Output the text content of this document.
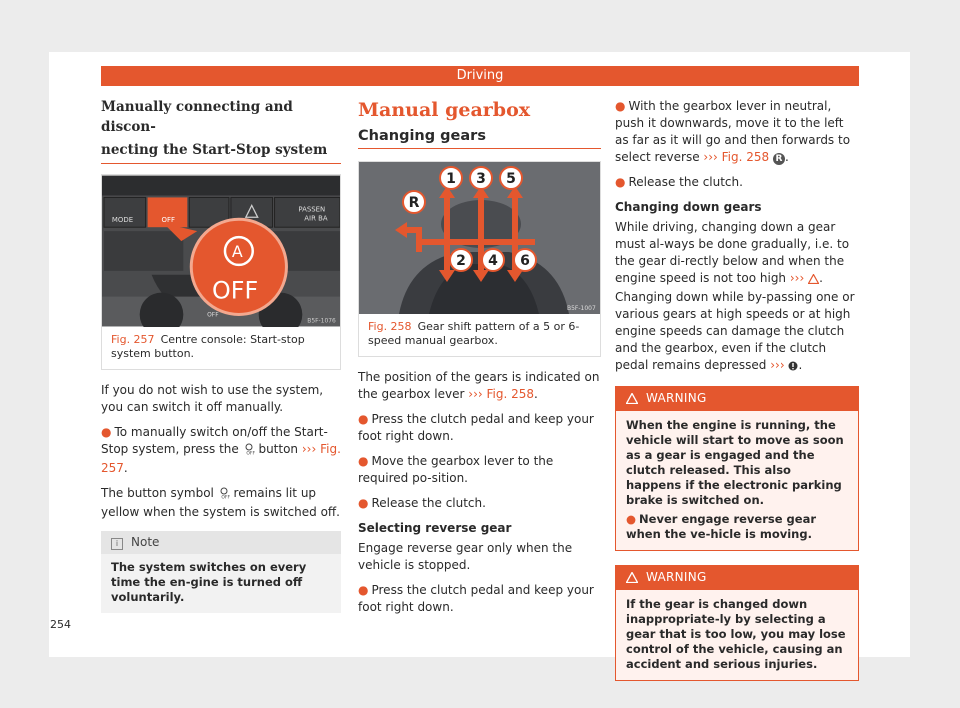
Driving
Manually connecting and discon-
necting the Start-Stop system
MODE	OFF
PASSEN
AIR BA
OFF
A
OFF
B5F-1076
Fig. 257 Centre console: Start-stop system button.

If you do not wish to use the system, you can switch it off manually.

● To manually switch on/off the Start-Stop system, press the OFF button ››› Fig. 257.

The button symbol OFF remains lit up yellow when the system is switched off.

i Note
The system switches on every time the en-gine is turned off voluntarily.
Manual gearbox
Changing gears
1 3 5
R
2 4 6
B5F-1007
Fig. 258 Gear shift pattern of a 5 or 6-speed manual gearbox.

The position of the gears is indicated on the gearbox lever ››› Fig. 258.

● Press the clutch pedal and keep your foot right down.

● Move the gearbox lever to the required po-sition.

● Release the clutch.

Selecting reverse gear

Engage reverse gear only when the vehicle is stopped.

● Press the clutch pedal and keep your foot right down.

● With the gearbox lever in neutral, push it downwards, move it to the left as far as it will go and then forwards to select reverse ››› Fig. 258 R .

● Release the clutch.

Changing down gears

While driving, changing down a gear must al-ways be done gradually, i.e. to the gear di-rectly below and when the engine speed is not too high ››› . Changing down while by-passing one or various gears at high speeds or at high engine speeds can damage the clutch and the gearbox, even if the clutch pedal remains depressed ››› .

WARNING

When the engine is running, the vehicle will start to move as soon as a gear is engaged and the clutch released. This also happens if the electronic parking brake is switched on.

● Never engage reverse gear when the ve-hicle is moving.

WARNING

If the gear is changed down inappropriate-ly by selecting a gear that is too low, you may lose control of the vehicle, causing an accident and serious injuries.

254
